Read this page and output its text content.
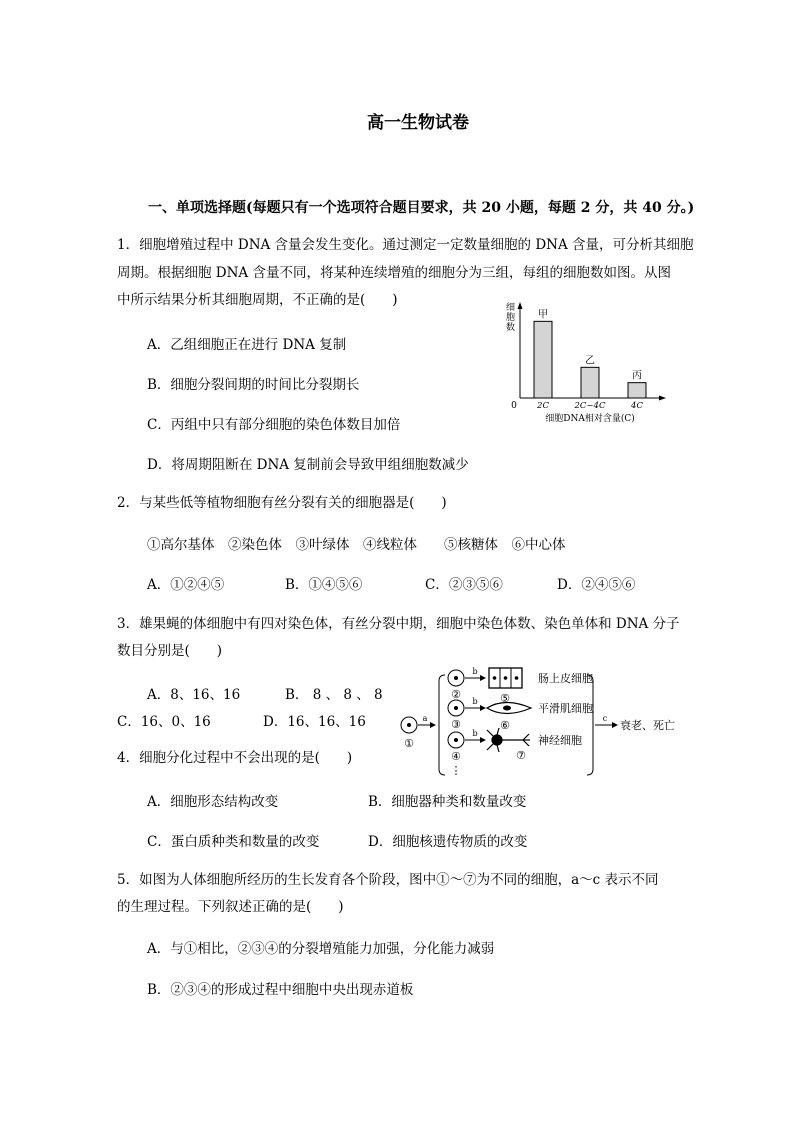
高一生物试卷
一、单项选择题(每题只有一个选项符合题目要求，共 20 小题，每题 2 分，共 40 分。)
1．细胞增殖过程中 DNA 含量会发生变化。通过测定一定数量细胞的 DNA 含量，可分析其细胞
周期。根据细胞 DNA 含量不同，将某种连续增殖的细胞分为三组，每组的细胞数如图。从图
中所示结果分析其细胞周期，不正确的是(　　)
A．乙组细胞正在进行 DNA 复制
B．细胞分裂间期的时间比分裂期长
C．丙组中只有部分细胞的染色体数目加倍
D．将周期阻断在 DNA 复制前会导致甲组细胞数减少
细胞数
0
甲
2C
乙
2C~4C
丙
4C
细胞DNA相对含量(C)
2．与某些低等植物细胞有丝分裂有关的细胞器是(　　)
①高尔基体　②染色体　③叶绿体　④线粒体　　⑤核糖体　⑥中心体
A．①②④⑤	B．①④⑤⑥	C．②③⑤⑥	D．②④⑤⑥
3．雄果蝇的体细胞中有四对染色体，有丝分裂中期，细胞中染色体数、染色单体和 DNA 分子
数目分别是(　　)
A．8、16、16	B． 8 、 8 、 8
C．16、0、16	D．16、16、16
4．细胞分化过程中不会出现的是(　　)
A．细胞形态结构改变	B．细胞器种类和数量改变
C．蛋白质种类和数量的改变	D．细胞核遗传物质的改变
①
a
②
b
⑤
肠上皮细胞
③
b
⑥
平滑肌细胞
④
b
⑦
神经细胞
⋮
c
衰老、死亡
5．如图为人体细胞所经历的生长发育各个阶段，图中①～⑦为不同的细胞，a～c 表示不同
的生理过程。下列叙述正确的是(　　)
A．与①相比，②③④的分裂增殖能力加强，分化能力减弱
B．②③④的形成过程中细胞中央出现赤道板
